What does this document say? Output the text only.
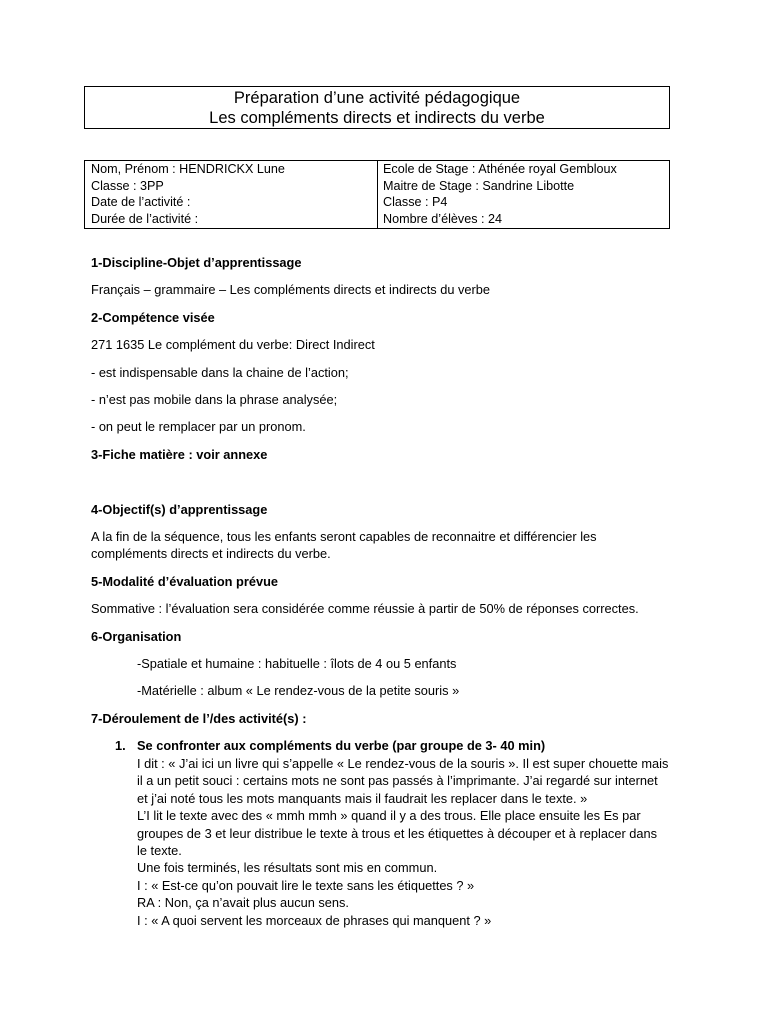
Préparation d’une activité pédagogique
Les compléments directs et indirects du verbe
Nom, Prénom : HENDRICKX Lune
Classe : 3PP
Date de l’activité :
Durée de l’activité :
Ecole de Stage : Athénée royal Gembloux
Maitre de Stage : Sandrine Libotte
Classe : P4
Nombre d’élèves : 24
1-Discipline-Objet d’apprentissage
Français – grammaire – Les compléments directs et indirects du verbe
2-Compétence visée
271 1635 Le complément du verbe: Direct Indirect
- est indispensable dans la chaine de l’action;
- n’est pas mobile dans la phrase analysée;
- on peut le remplacer par un pronom.
3-Fiche matière : voir annexe
4-Objectif(s) d’apprentissage
A la fin de la séquence, tous les enfants seront capables de reconnaitre et différencier les
compléments directs et indirects du verbe.
5-Modalité d’évaluation prévue
Sommative : l’évaluation sera considérée comme réussie à partir de 50% de réponses correctes.
6-Organisation
-Spatiale et humaine : habituelle : îlots de 4 ou 5 enfants
-Matérielle : album « Le rendez-vous de la petite souris »
7-Déroulement de l’/des activité(s) :
1. Se confronter aux compléments du verbe (par groupe de 3- 40 min)
I dit : « J’ai ici un livre qui s’appelle « Le rendez-vous de la souris ». Il est super chouette mais
il a un petit souci : certains mots ne sont pas passés à l’imprimante. J’ai regardé sur internet
et j’ai noté tous les mots manquants mais il faudrait les replacer dans le texte. »
L’I lit le texte avec des « mmh mmh » quand il y a des trous. Elle place ensuite les Es par
groupes de 3 et leur distribue le texte à trous et les étiquettes à découper et à replacer dans
le texte.
Une fois terminés, les résultats sont mis en commun.
I : « Est-ce qu’on pouvait lire le texte sans les étiquettes ? »
RA : Non, ça n’avait plus aucun sens.
I : « A quoi servent les morceaux de phrases qui manquent ? »
